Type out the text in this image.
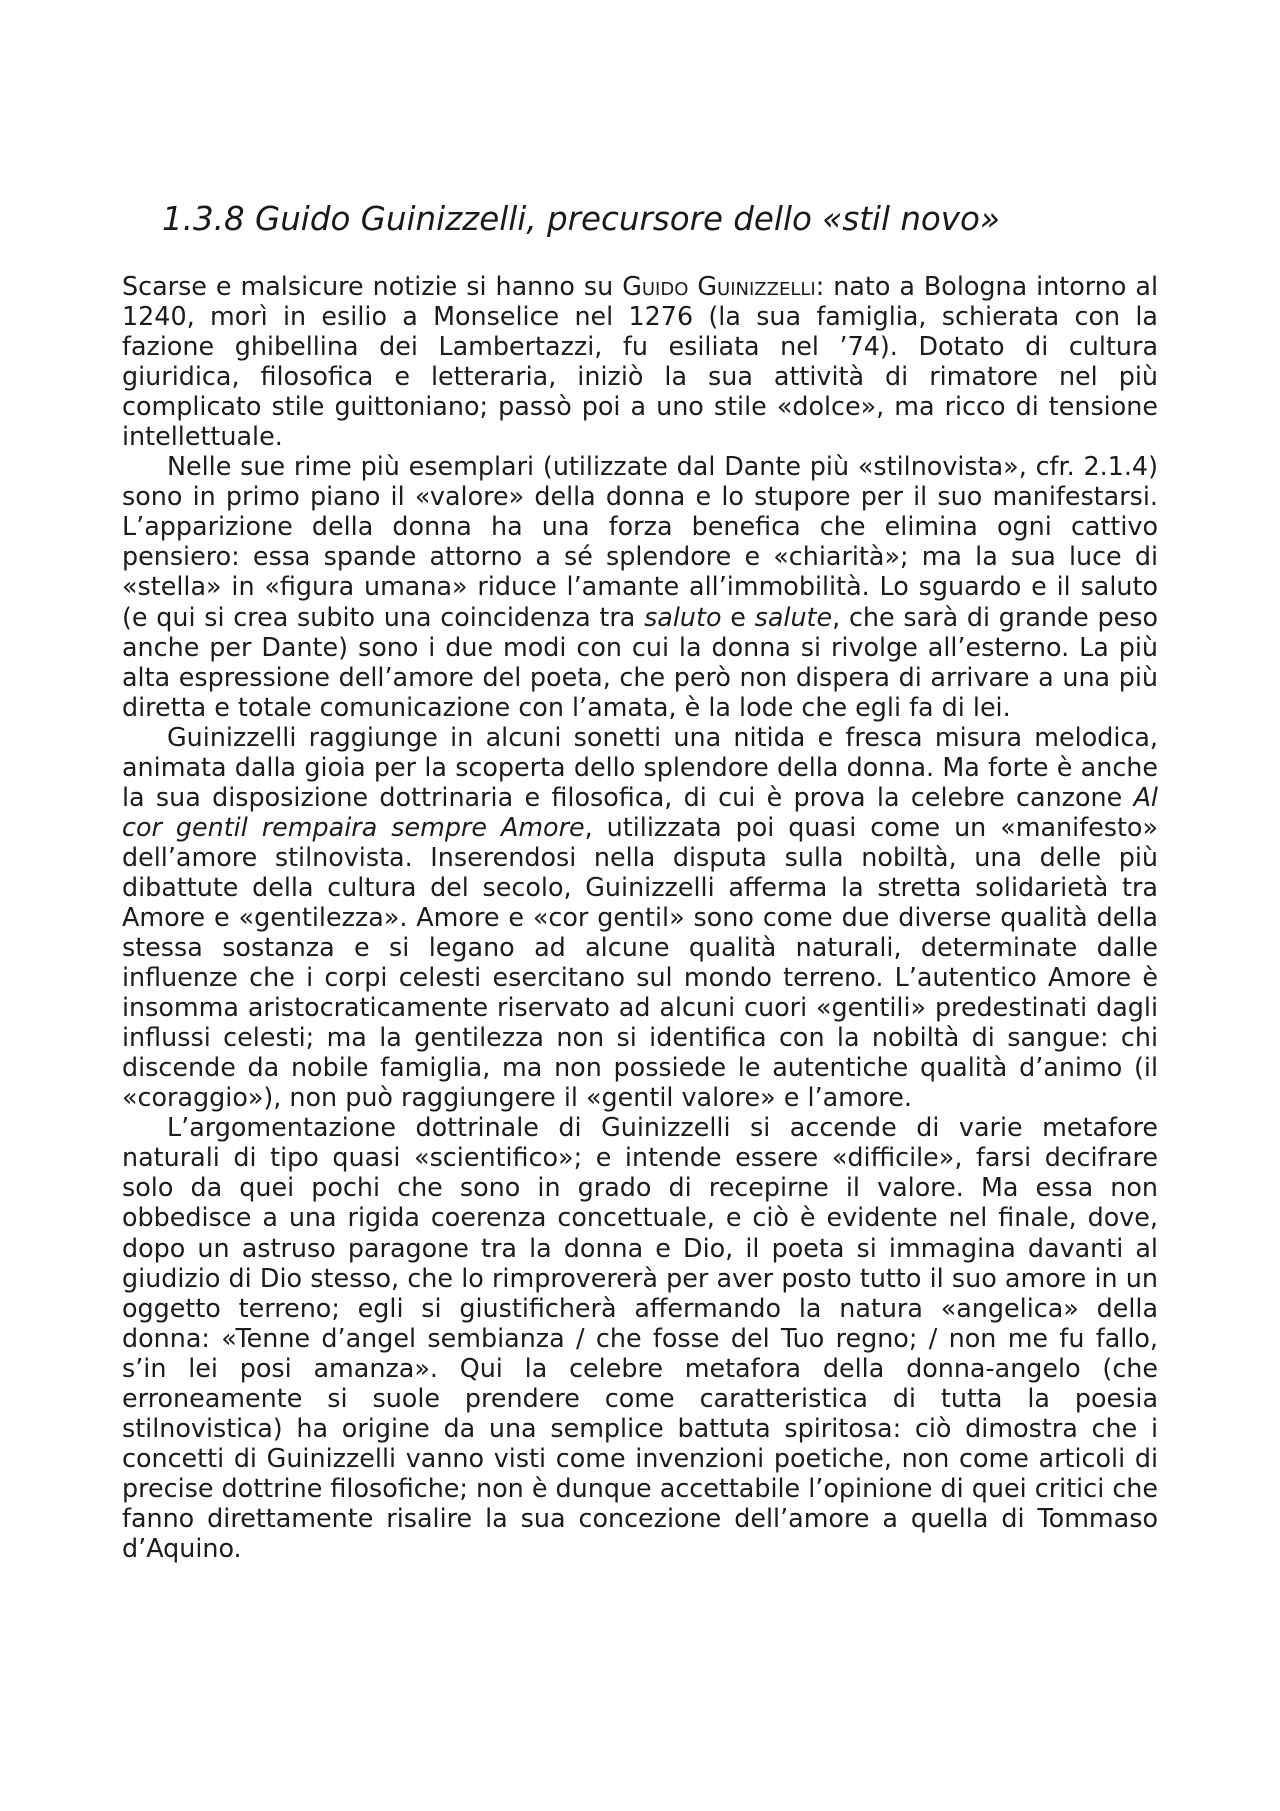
1.3.8 Guido Guinizzelli, precursore dello «stil novo»

Scarse e malsicure notizie si hanno su Guido Guinizzelli: nato a Bologna intorno al 1240, morì in esilio a Monselice nel 1276 (la sua famiglia, schierata con la fazione ghibellina dei Lambertazzi, fu esiliata nel ’74). Dotato di cultura giuridica, filosofica e letteraria, iniziò la sua attività di rimatore nel più complicato stile guittoniano; passò poi a uno stile «dolce», ma ricco di tensione intellettuale.

Nelle sue rime più esemplari (utilizzate dal Dante più «stilnovista», cfr. 2.1.4) sono in primo piano il «valore» della donna e lo stupore per il suo manifestarsi. L’apparizione della donna ha una forza benefica che elimina ogni cattivo pensiero: essa spande attorno a sé splendore e «chiarità»; ma la sua luce di «stella» in «figura umana» riduce l’amante all’immobilità. Lo sguardo e il saluto (e qui si crea subito una coincidenza tra saluto e salute, che sarà di grande peso anche per Dante) sono i due modi con cui la donna si rivolge all’esterno. La più alta espressione dell’amore del poeta, che però non dispera di arrivare a una più diretta e totale comunicazione con l’amata, è la lode che egli fa di lei.

Guinizzelli raggiunge in alcuni sonetti una nitida e fresca misura melodica, animata dalla gioia per la scoperta dello splendore della donna. Ma forte è anche la sua disposizione dottrinaria e filosofica, di cui è prova la celebre canzone Al cor gentil rempaira sempre Amore, utilizzata poi quasi come un «manifesto» dell’amore stilnovista. Inserendosi nella disputa sulla nobiltà, una delle più dibattute della cultura del secolo, Guinizzelli afferma la stretta solidarietà tra Amore e «gentilezza». Amore e «cor gentil» sono come due diverse qualità della stessa sostanza e si legano ad alcune qualità naturali, determinate dalle influenze che i corpi celesti esercitano sul mondo terreno. L’autentico Amore è insomma aristocraticamente riservato ad alcuni cuori «gentili» predestinati dagli influssi celesti; ma la gentilezza non si identifica con la nobiltà di sangue: chi discende da nobile famiglia, ma non possiede le autentiche qualità d’animo (il «coraggio»), non può raggiungere il «gentil valore» e l’amore.

L’argomentazione dottrinale di Guinizzelli si accende di varie metafore naturali di tipo quasi «scientifico»; e intende essere «difficile», farsi decifrare solo da quei pochi che sono in grado di recepirne il valore. Ma essa non obbedisce a una rigida coerenza concettuale, e ciò è evidente nel finale, dove, dopo un astruso paragone tra la donna e Dio, il poeta si immagina davanti al giudizio di Dio stesso, che lo rimprovererà per aver posto tutto il suo amore in un oggetto terreno; egli si giustificherà affermando la natura «angelica» della donna: «Tenne d’angel sembianza / che fosse del Tuo regno; / non me fu fallo, s’in lei posi amanza». Qui la celebre metafora della donna-angelo (che erroneamente si suole prendere come caratteristica di tutta la poesia stilnovistica) ha origine da una semplice battuta spiritosa: ciò dimostra che i concetti di Guinizzelli vanno visti come invenzioni poetiche, non come articoli di precise dottrine filosofiche; non è dunque accettabile l’opinione di quei critici che fanno direttamente risalire la sua concezione dell’amore a quella di Tommaso d’Aquino.
